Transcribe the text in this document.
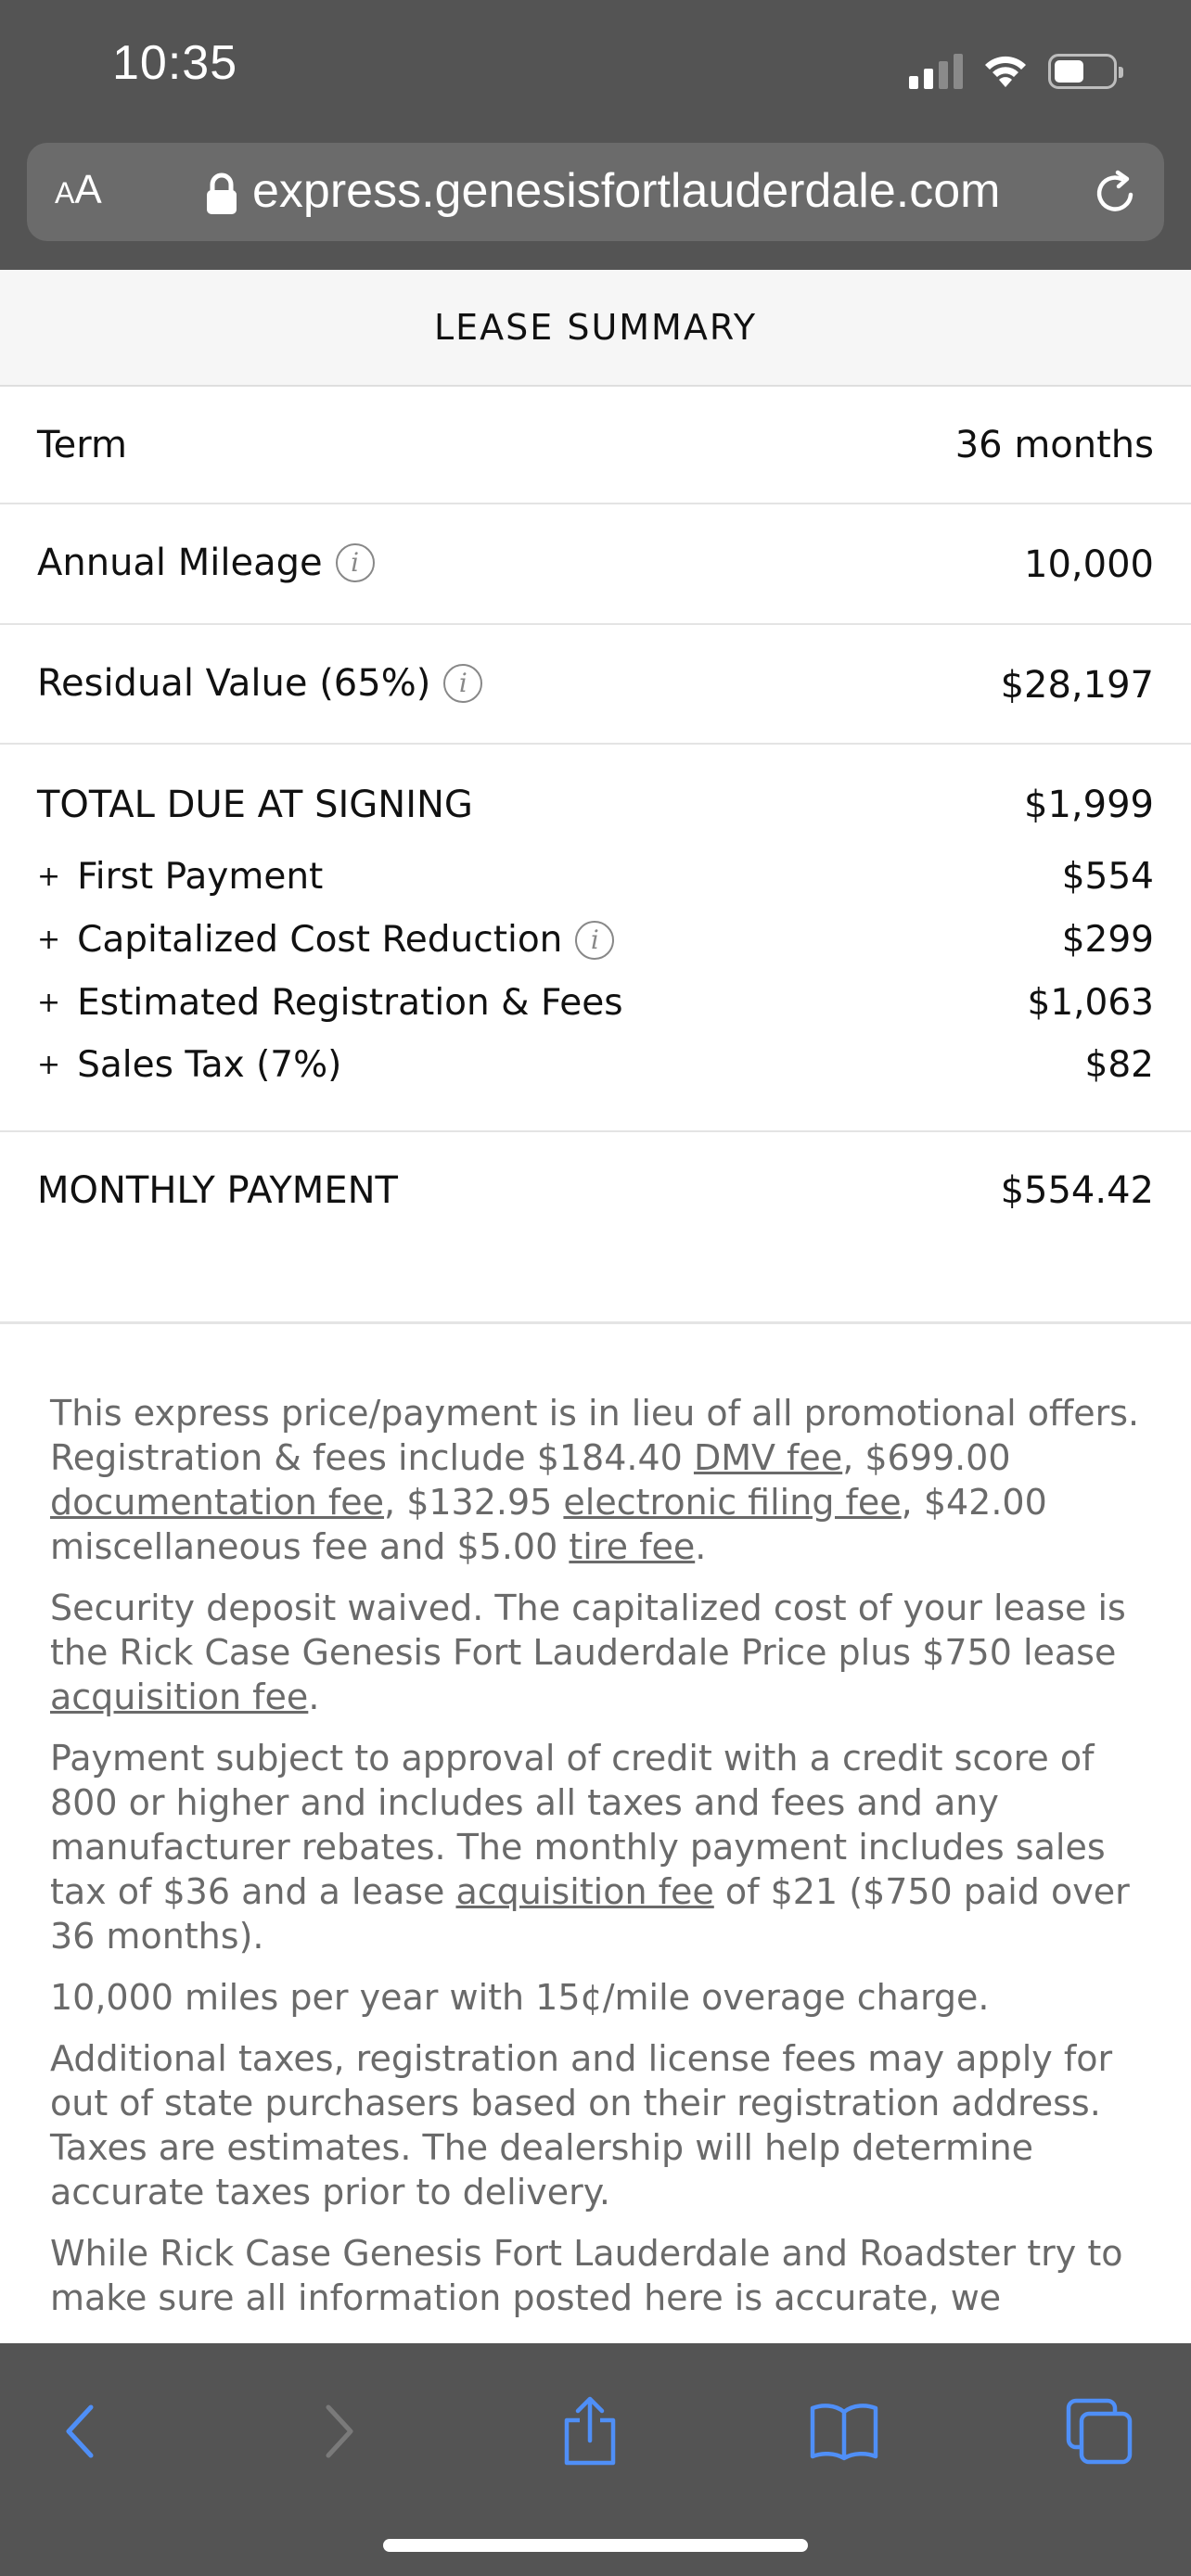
10:35
AA	express.genesisfortlauderdale.com
LEASE SUMMARY
Term	36 months
Annual Mileage	i	10,000
Residual Value (65%)	i	$28,197
TOTAL DUE AT SIGNING	$1,999
+ First Payment	$554
+ Capitalized Cost Reduction	i	$299
+ Estimated Registration & Fees	$1,063
+ Sales Tax (7%)	$82
MONTHLY PAYMENT	$554.42

This express price/payment is in lieu of all promotional offers. Registration & fees include $184.40 DMV fee, $699.00 documentation fee, $132.95 electronic filing fee, $42.00 miscellaneous fee and $5.00 tire fee.

Security deposit waived. The capitalized cost of your lease is the Rick Case Genesis Fort Lauderdale Price plus $750 lease acquisition fee.

Payment subject to approval of credit with a credit score of 800 or higher and includes all taxes and fees and any manufacturer rebates. The monthly payment includes sales tax of $36 and a lease acquisition fee of $21 ($750 paid over 36 months).

10,000 miles per year with 15¢/mile overage charge.

Additional taxes, registration and license fees may apply for out of state purchasers based on their registration address. Taxes are estimates. The dealership will help determine accurate taxes prior to delivery.

While Rick Case Genesis Fort Lauderdale and Roadster try to make sure all information posted here is accurate, we
